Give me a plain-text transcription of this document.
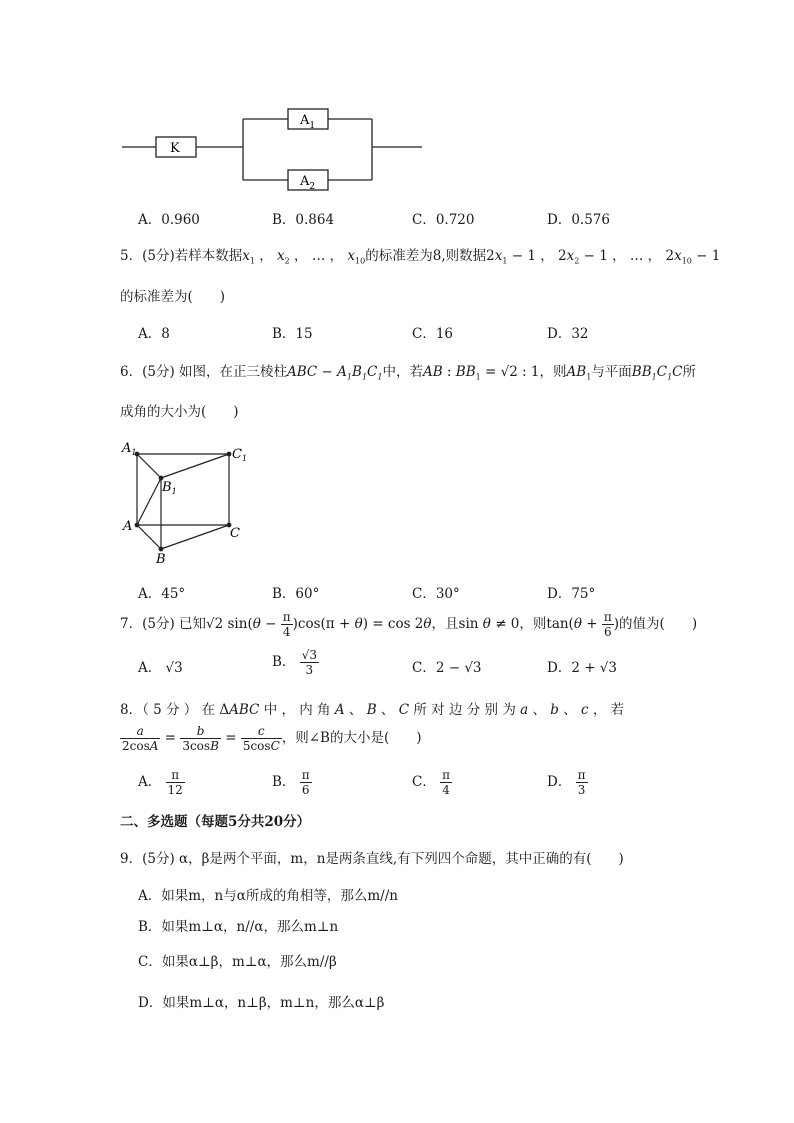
K
$A_1$
$A_2$
A．0.960	B．0.864	C．0.720	D．0.576
5．(5分)若样本数据$x_1$ ， $x_2$ ， … ， $x_{10}$的标准差为8,则数据$2x_1 - 1$ ， $2x_2 - 1$ ， … ， $2x_{10} - 1$
的标准差为(　　)
A．8	B．15	C．16	D．32
6．(5分) 如图，在正三棱柱ABC − $A_1B_1C_1$中，若AB : $BB_1 = √2$ : 1，则$AB_1$与平面$BB_1C_1C$所
成角的大小为(　　)
$A_1$	$C_1$
$B_1$
A	C
B
A．45°	B．60°	C．30°	D．75°
7．(5分) 已知√2 $\sin(\theta - \frac{\pi}{4} )\cos(\pi + \theta) = \cos 2\theta$，且sin θ ≠ 0，则$\tan(\theta + \frac{\pi}{6}$ )的值为(　　)
A． √3	B． $\frac{√3}{3}$	C．2 − √3	D．2 + √3
8．（ 5 分 ） 在 ΔABC 中 ， 内 角 A 、 B 、 C 所 对 边 分 别 为 a 、 b 、 c ， 若
$\frac{a}{2\cos A} = \frac{b}{3\cos B} = \frac{c}{5\cos C}$ ，则∠B的大小是(　　)
A． $\frac{\pi}{12}$	B． $\frac{\pi}{6}$	C． $\frac{\pi}{4}$	D． $\frac{\pi}{3}$
二、多选题（每题5分共20分）
9．(5分) α，β是两个平面，m，n是两条直线,有下列四个命题，其中正确的有(　　)
A．如果m，n与α所成的角相等，那么m//n
B．如果m⊥α，n//α，那么m⊥n
C．如果α⊥β，m⊥α，那么m//β
D．如果m⊥α，n⊥β，m⊥n，那么α⊥β
